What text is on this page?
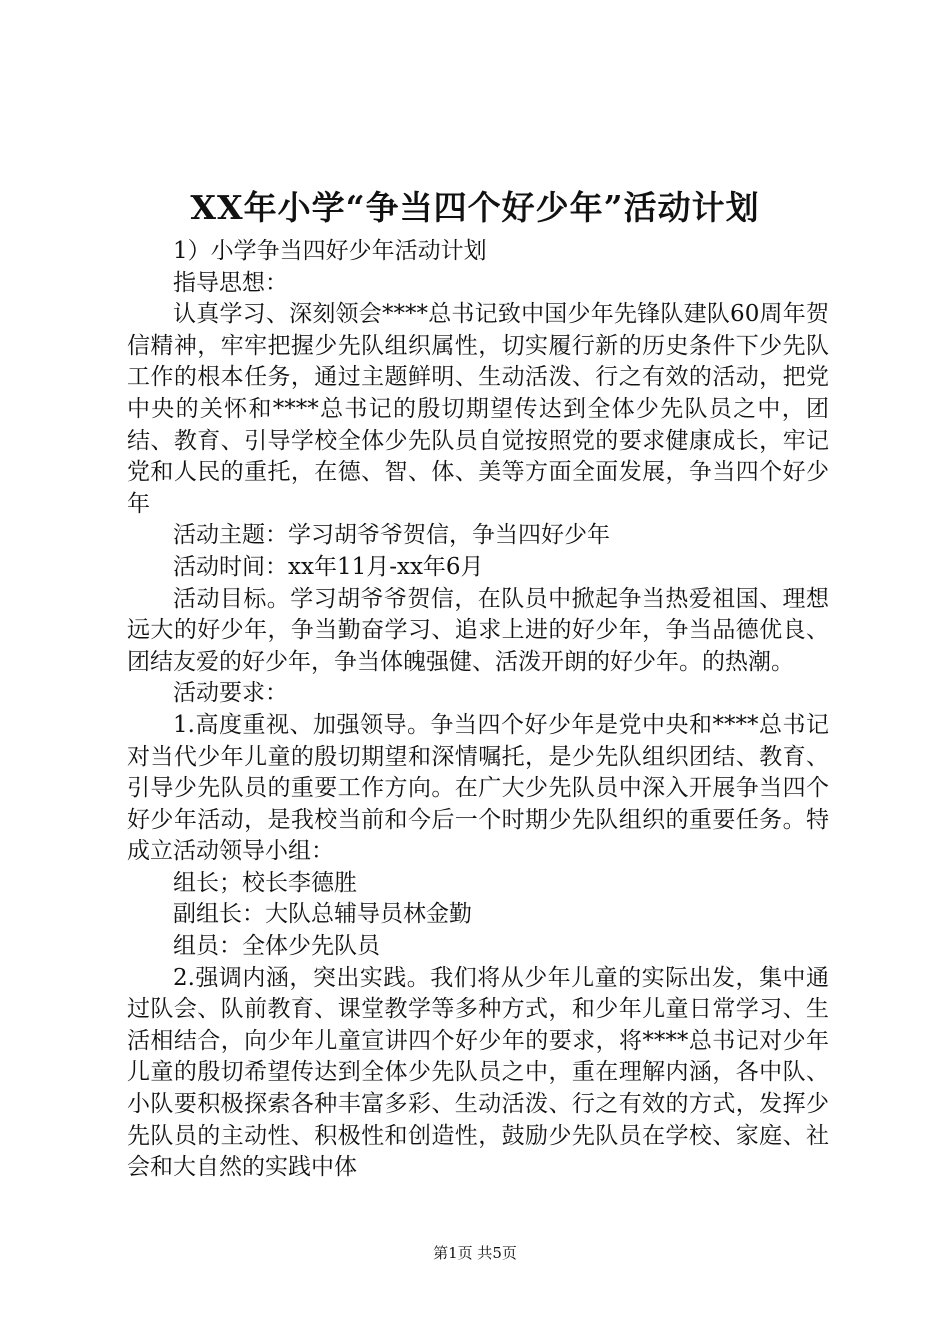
XX年小学“争当四个好少年”活动计划

1）小学争当四好少年活动计划

指导思想：

认真学习、深刻领会****总书记致中国少年先锋队建队60周年贺信精神，牢牢把握少先队组织属性，切实履行新的历史条件下少先队工作的根本任务，通过主题鲜明、生动活泼、行之有效的活动，把党中央的关怀和****总书记的殷切期望传达到全体少先队员之中，团结、教育、引导学校全体少先队员自觉按照党的要求健康成长，牢记党和人民的重托，在德、智、体、美等方面全面发展，争当四个好少年

活动主题：学习胡爷爷贺信，争当四好少年

活动时间：xx年11月-xx年6月

活动目标。学习胡爷爷贺信，在队员中掀起争当热爱祖国、理想远大的好少年，争当勤奋学习、追求上进的好少年，争当品德优良、团结友爱的好少年，争当体魄强健、活泼开朗的好少年。的热潮。

活动要求：

1.高度重视、加强领导。争当四个好少年是党中央和****总书记对当代少年儿童的殷切期望和深情嘱托，是少先队组织团结、教育、引导少先队员的重要工作方向。在广大少先队员中深入开展争当四个好少年活动，是我校当前和今后一个时期少先队组织的重要任务。特成立活动领导小组：

组长；校长李德胜

副组长：大队总辅导员林金勤

组员：全体少先队员

2.强调内涵，突出实践。我们将从少年儿童的实际出发，集中通过队会、队前教育、课堂教学等多种方式，和少年儿童日常学习、生活相结合，向少年儿童宣讲四个好少年的要求，将****总书记对少年儿童的殷切希望传达到全体少先队员之中，重在理解内涵，各中队、小队要积极探索各种丰富多彩、生动活泼、行之有效的方式，发挥少先队员的主动性、积极性和创造性，鼓励少先队员在学校、家庭、社会和大自然的实践中体

第1页 共5页
